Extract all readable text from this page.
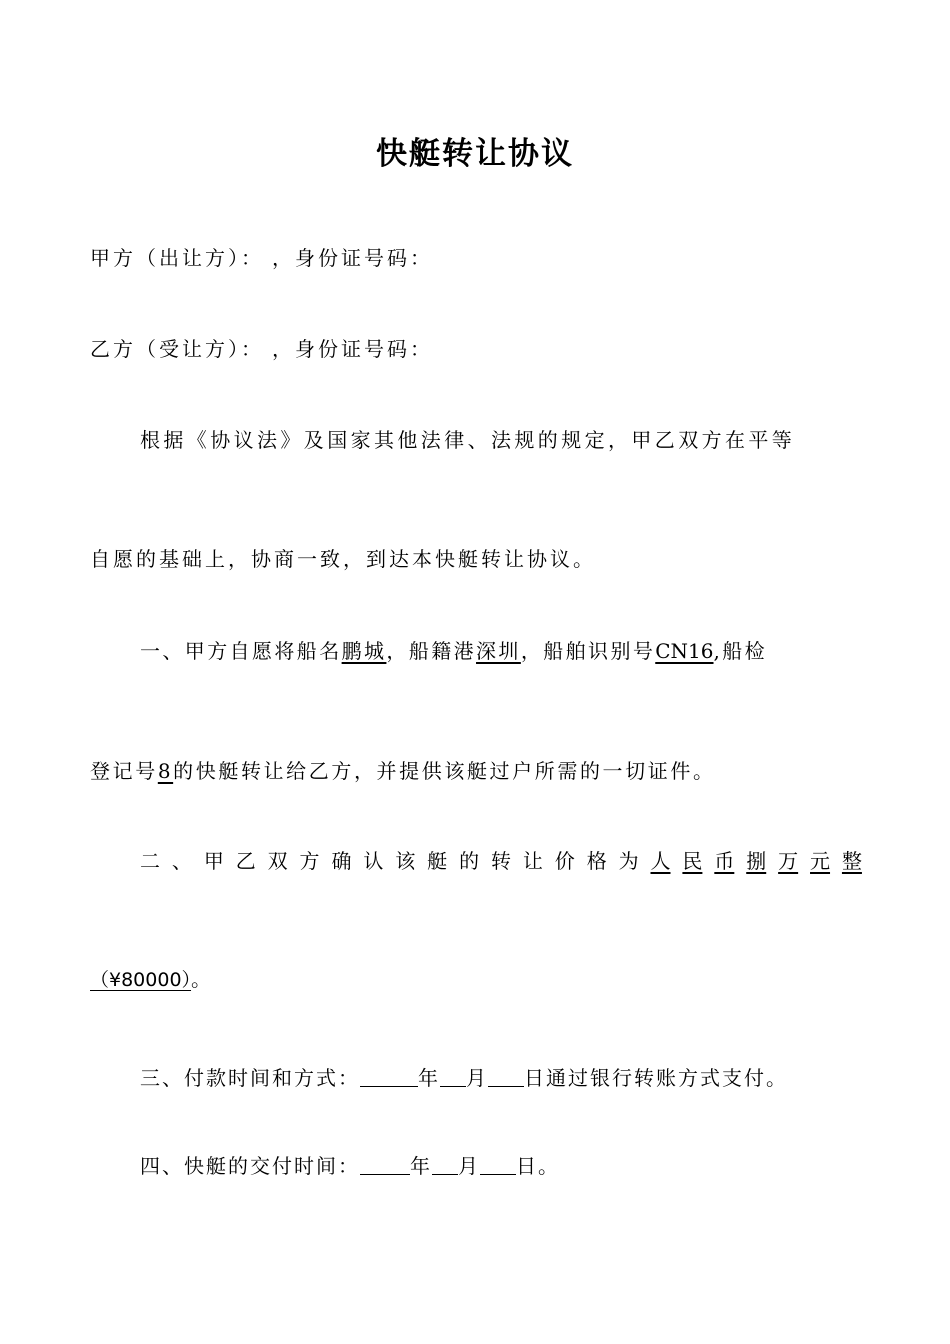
快艇转让协议
甲方（出让方）： ，身份证号码：
乙方（受让方）： ，身份证号码：
根据《协议法》及国家其他法律、法规的规定，甲乙双方在平等
自愿的基础上，协商一致，到达本快艇转让协议。
一、甲方自愿将船名鹏城，船籍港深圳，船舶识别号CN16,船检
登记号8的快艇转让给乙方，并提供该艇过户所需的一切证件。
二 、 甲 乙 双 方 确 认 该 艇 的 转 让 价 格 为 人 民 币 捌 万 元 整
（¥80000）。
三、付款时间和方式：	年 月 日通过银行转账方式支付。
四、快艇的交付时间：	年 月 日。
